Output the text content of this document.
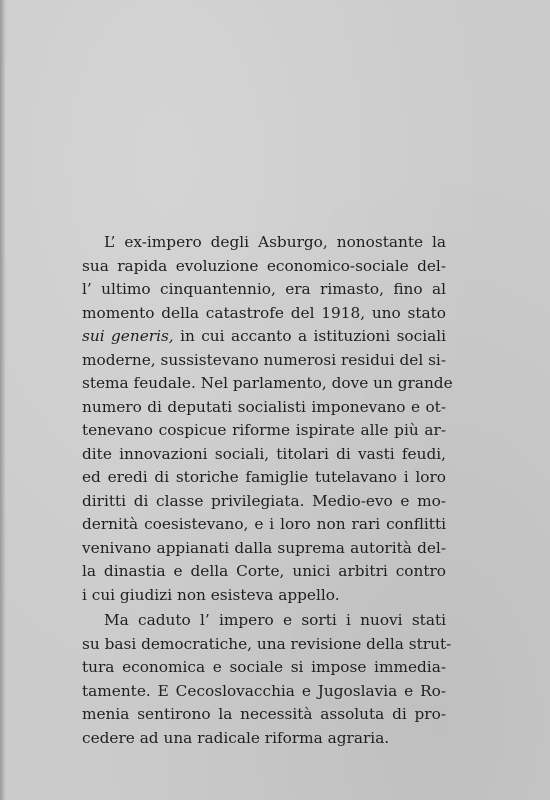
L’ ex-impero degli Asburgo, nonostante la
sua rapida evoluzione economico-sociale del-
l’ ultimo cinquantennio, era rimasto, fino al
momento della catastrofe del 1918, uno stato
sui generis, in cui accanto a istituzioni sociali
moderne, sussistevano numerosi residui del si-
stema feudale. Nel parlamento, dove un grande
numero di deputati socialisti imponevano e ot-
tenevano cospicue riforme ispirate alle più ar-
dite innovazioni sociali, titolari di vasti feudi,
ed eredi di storiche famiglie tutelavano i loro
diritti di classe privilegiata. Medio-evo e mo-
dernità coesistevano, e i loro non rari conflitti
venivano appianati dalla suprema autorità del-
la dinastia e della Corte, unici arbitri contro
i cui giudizi non esisteva appello.
Ma caduto l’ impero e sorti i nuovi stati
su basi democratiche, una revisione della strut-
tura economica e sociale si impose immedia-
tamente. E Cecoslovacchia e Jugoslavia e Ro-
menia sentirono la necessità assoluta di pro-
cedere ad una radicale riforma agraria.
